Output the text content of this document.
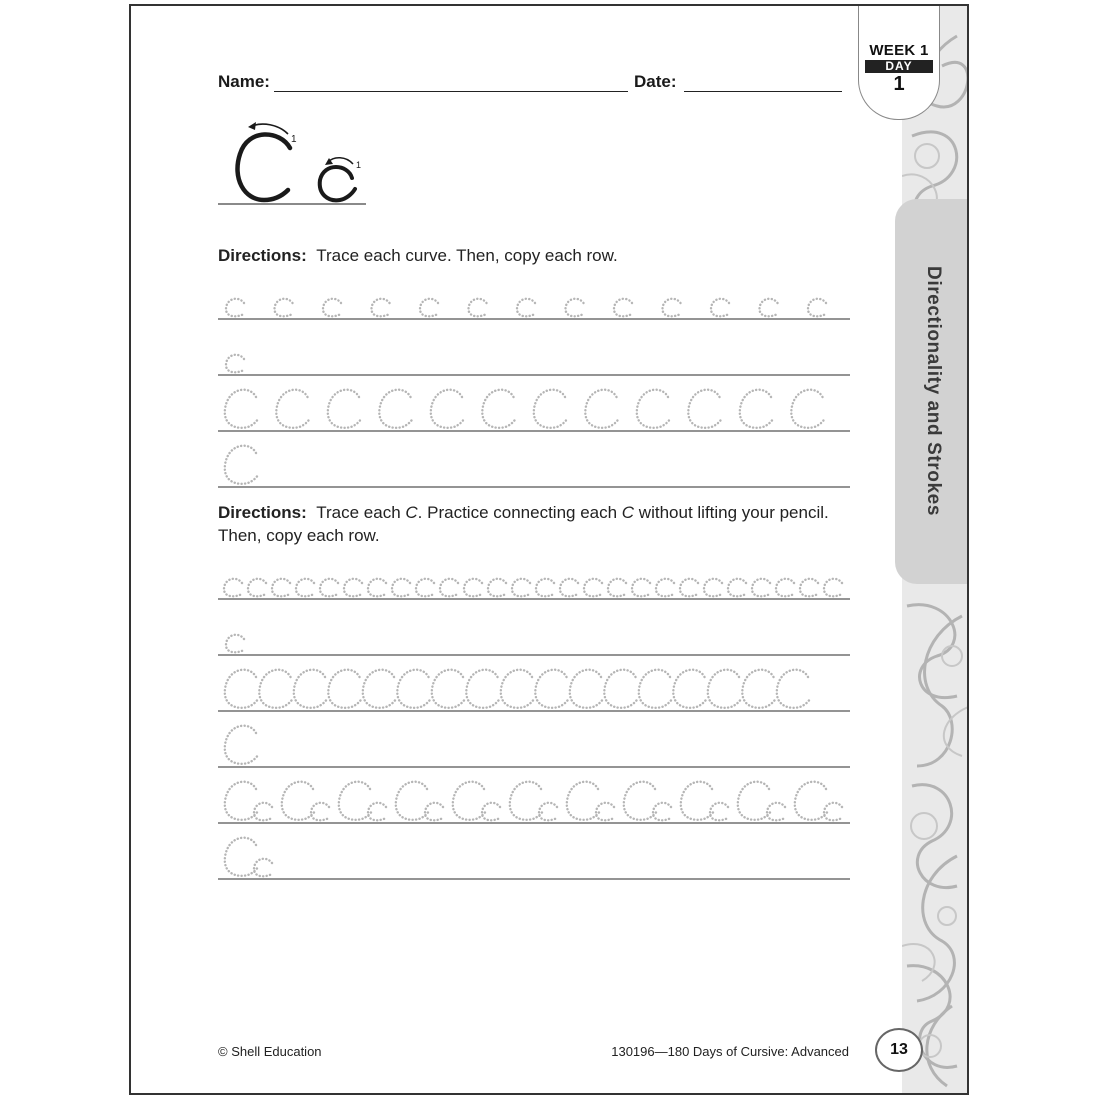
Directionality and Strokes
WEEK 1
DAY
1
Name:	Date:
1
1
Directions: Trace each curve. Then, copy each row.
Directions: Trace each C. Practice connecting each C without lifting your pencil. Then, copy each row.
© Shell Education	130196—180 Days of Cursive: Advanced	13
